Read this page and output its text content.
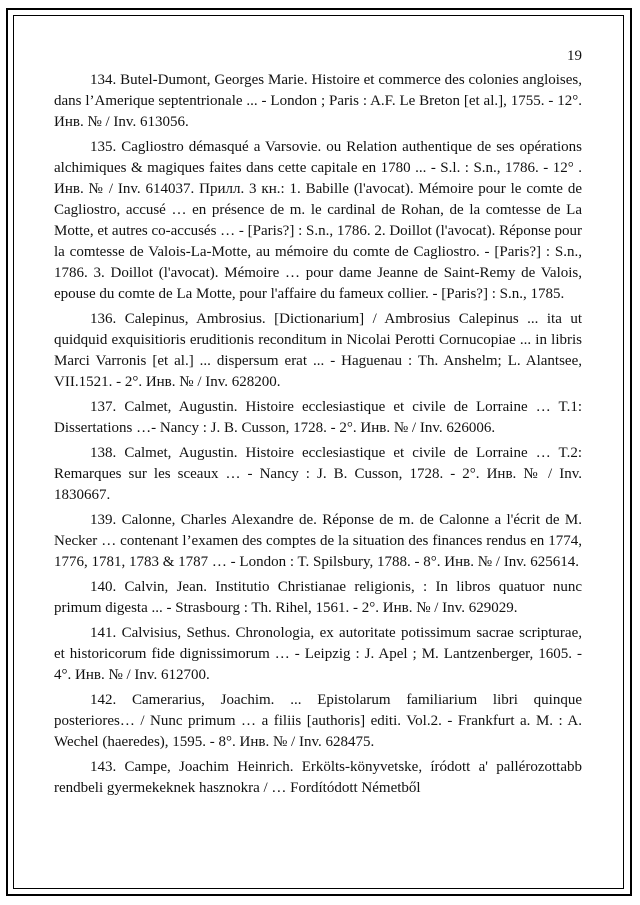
19

134. Butel-Dumont, Georges Marie. Histoire et commerce des colonies angloises, dans l’Amerique septentrionale ... - London ; Paris : A.F. Le Breton [et al.], 1755. - 12°. Инв. № / Inv. 613056.

135. Cagliostro démasqué a Varsovie. ou Relation authentique de ses opérations alchimiques & magiques faites dans cette capitale en 1780 ... - S.l. : S.n., 1786. - 12° . Инв. № / Inv. 614037. Прилл. 3 кн.: 1. Babille (l'avocat). Mémoire pour le comte de Cagliostro, accusé … en présence de m. le cardinal de Rohan, de la comtesse de La Motte, et autres co-accusés … - [Paris?] : S.n., 1786. 2. Doillot (l'avocat). Réponse pour la comtesse de Valois-La-Motte, au mémoire du comte de Cagliostro. - [Paris?] : S.n., 1786. 3. Doillot (l'avocat). Mémoire … pour dame Jeanne de Saint-Remy de Valois, epouse du comte de La Motte, pour l'affaire du fameux collier. - [Paris?] : S.n., 1785.

136. Calepinus, Ambrosius. [Dictionarium] / Ambrosius Calepinus ... ita ut quidquid exquisitioris eruditionis reconditum in Nicolai Perotti Cornucopiae ... in libris Marci Varronis [et al.] ... dispersum erat ... - Haguenau : Th. Anshelm; L. Alantsee, VII.1521. - 2°. Инв. № / Inv. 628200.

137. Calmet, Augustin. Histoire ecclesiastique et civile de Lorraine … T.1: Dissertations …- Nancy : J. B. Cusson, 1728. - 2°. Инв. № / Inv. 626006.

138. Calmet, Augustin. Histoire ecclesiastique et civile de Lorraine … T.2: Remarques sur les sceaux … - Nancy : J. B. Cusson, 1728. - 2°. Инв. № / Inv. 1830667.

139. Calonne, Charles Alexandre de. Réponse de m. de Calonne a l'écrit de M. Necker … contenant l’examen des comptes de la situation des finances rendus en 1774, 1776, 1781, 1783 & 1787 … - London : T. Spilsbury, 1788. - 8°. Инв. № / Inv. 625614.

140. Calvin, Jean. Institutio Christianae religionis, : In libros quatuor nunc primum digesta ... - Strasbourg : Th. Rihel, 1561. - 2°. Инв. № / Inv. 629029.

141. Calvisius, Sethus. Chronologia, ex autoritate potissimum sacrae scripturae, et historicorum fide dignissimorum … - Leipzig : J. Apel ; M. Lantzenberger, 1605. - 4°. Инв. № / Inv. 612700.

142. Camerarius, Joachim. ... Epistolarum familiarium libri quinque posteriores… / Nunc primum … a filiis [authoris] editi. Vol.2. - Frankfurt a. M. : A. Wechel (haeredes), 1595. - 8°. Инв. № / Inv. 628475.

143. Campe, Joachim Heinrich. Erkölts-könyvetske, íródott a' pallérozottabb rendbeli gyermekeknek hasznokra / … Fordítódott Németből
